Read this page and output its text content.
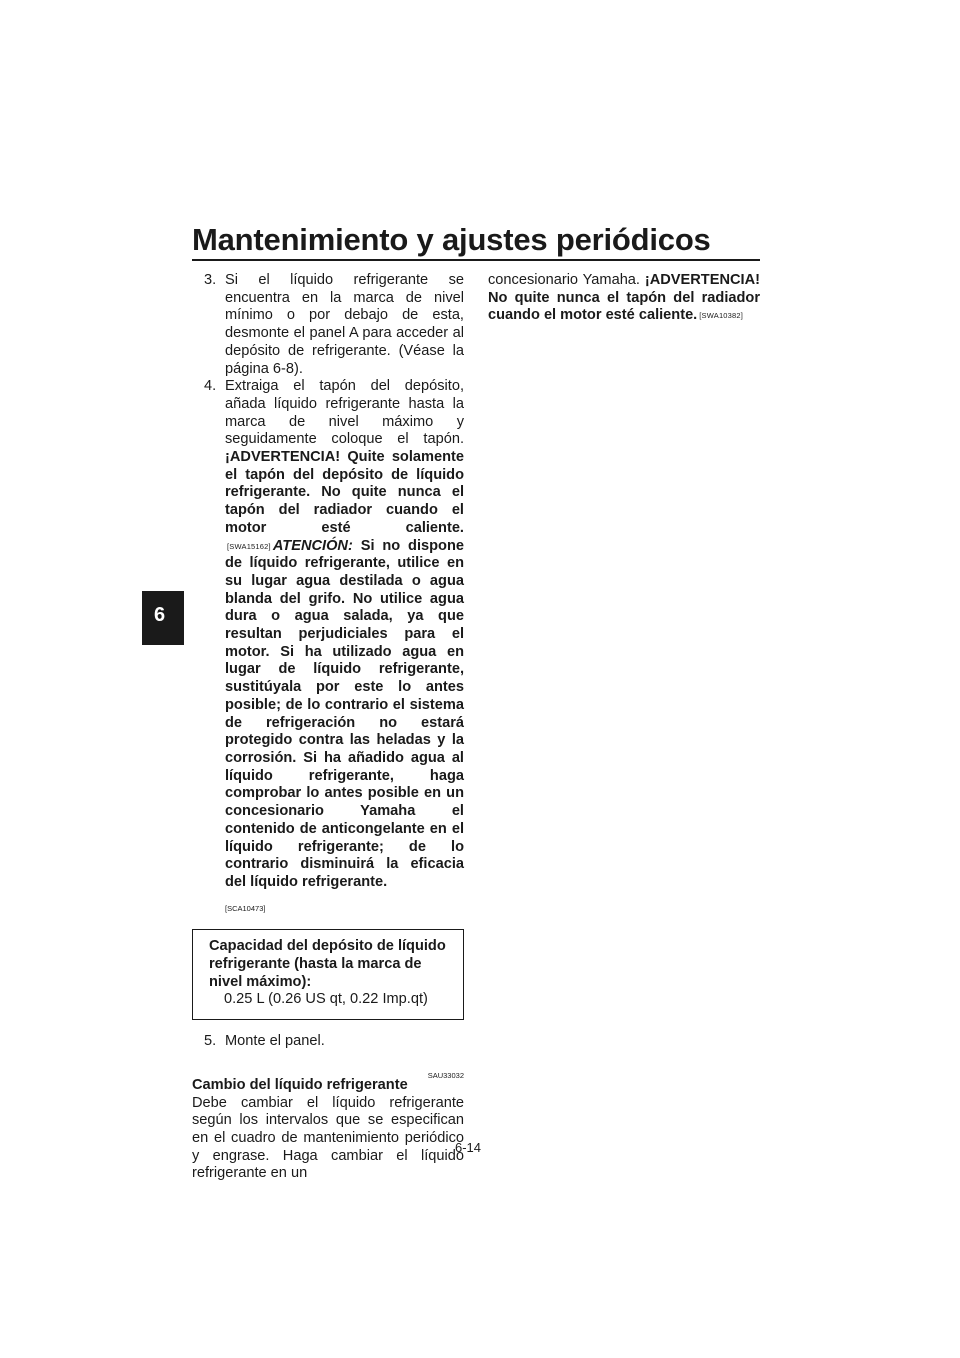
Mantenimiento y ajustes periódicos
6
3. Si el líquido refrigerante se encuentra en la marca de nivel mínimo o por debajo de esta, desmonte el panel A para acceder al depósito de refrigerante. (Véase la página 6-8).
4. Extraiga el tapón del depósito, añada líquido refrigerante hasta la marca de nivel máximo y seguidamente coloque el tapón. ¡ADVERTENCIA! Quite solamente el tapón del depósito de líquido refrigerante. No quite nunca el tapón del radiador cuando el motor esté caliente.[SWA15162] ATENCIÓN: Si no dispone de líquido refrigerante, utilice en su lugar agua destilada o agua blanda del grifo. No utilice agua dura o agua salada, ya que resultan perjudiciales para el motor. Si ha utilizado agua en lugar de líquido refrigerante, sustitúyala por este lo antes posible; de lo contrario el sistema de refrigeración no estará protegido contra las heladas y la corrosión. Si ha añadido agua al líquido refrigerante, haga comprobar lo antes posible en un concesionario Yamaha el contenido de anticongelante en el líquido refrigerante; de lo contrario disminuirá la eficacia del líquido refrigerante.
[SCA10473]
Capacidad del depósito de líquido refrigerante (hasta la marca de nivel máximo):
0.25 L (0.26 US qt, 0.22 Imp.qt)
5. Monte el panel.
SAU33032
Cambio del líquido refrigerante
Debe cambiar el líquido refrigerante según los intervalos que se especifican en el cuadro de mantenimiento periódico y engrase. Haga cambiar el líquido refrigerante en un
concesionario Yamaha. ¡ADVERTENCIA! No quite nunca el tapón del radiador cuando el motor esté caliente. [SWA10382]
6-14
